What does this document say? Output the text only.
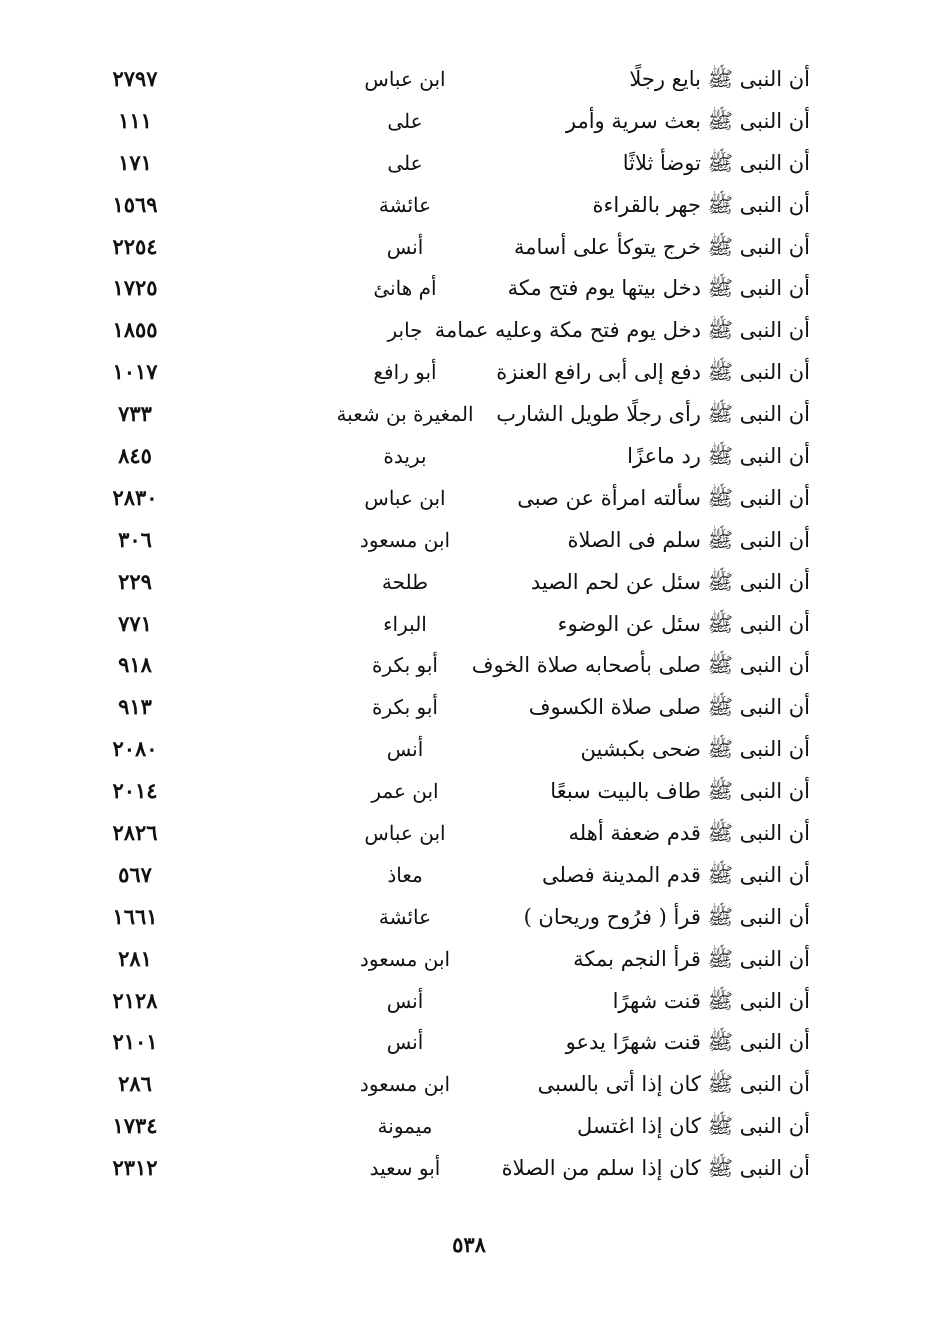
أن النبى ﷺ بايع رجلًا
ابن عباس
٢٧٩٧
أن النبى ﷺ بعث سرية وأمر
على
١١١
أن النبى ﷺ توضأ ثلاثًا
على
١٧١
أن النبى ﷺ جهر بالقراءة
عائشة
١٥٦٩
أن النبى ﷺ خرج يتوكأ على أسامة
أنس
٢٢٥٤
أن النبى ﷺ دخل بيتها يوم فتح مكة
أم هانئ
١٧٢٥
أن النبى ﷺ دخل يوم فتح مكة وعليه عمامة
جابر
١٨٥٥
أن النبى ﷺ دفع إلى أبى رافع العنزة
أبو رافع
١٠١٧
أن النبى ﷺ رأى رجلًا طويل الشارب
المغيرة بن شعبة
٧٣٣
أن النبى ﷺ رد ماعزًا
بريدة
٨٤٥
أن النبى ﷺ سألته امرأة عن صبى
ابن عباس
٢٨٣٠
أن النبى ﷺ سلم فى الصلاة
ابن مسعود
٣٠٦
أن النبى ﷺ سئل عن لحم الصيد
طلحة
٢٢٩
أن النبى ﷺ سئل عن الوضوء
البراء
٧٧١
أن النبى ﷺ صلى بأصحابه صلاة الخوف
أبو بكرة
٩١٨
أن النبى ﷺ صلى صلاة الكسوف
أبو بكرة
٩١٣
أن النبى ﷺ ضحى بكبشين
أنس
٢٠٨٠
أن النبى ﷺ طاف بالبيت سبعًا
ابن عمر
٢٠١٤
أن النبى ﷺ قدم ضعفة أهله
ابن عباس
٢٨٢٦
أن النبى ﷺ قدم المدينة فصلى
معاذ
٥٦٧
أن النبى ﷺ قرأ ( فرُوح وريحان )
عائشة
١٦٦١
أن النبى ﷺ قرأ النجم بمكة
ابن مسعود
٢٨١
أن النبى ﷺ قنت شهرًا
أنس
٢١٢٨
أن النبى ﷺ قنت شهرًا يدعو
أنس
٢١٠١
أن النبى ﷺ كان إذا أتى بالسبى
ابن مسعود
٢٨٦
أن النبى ﷺ كان إذا اغتسل
ميمونة
١٧٣٤
أن النبى ﷺ كان إذا سلم من الصلاة
أبو سعيد
٢٣١٢
٥٣٨
